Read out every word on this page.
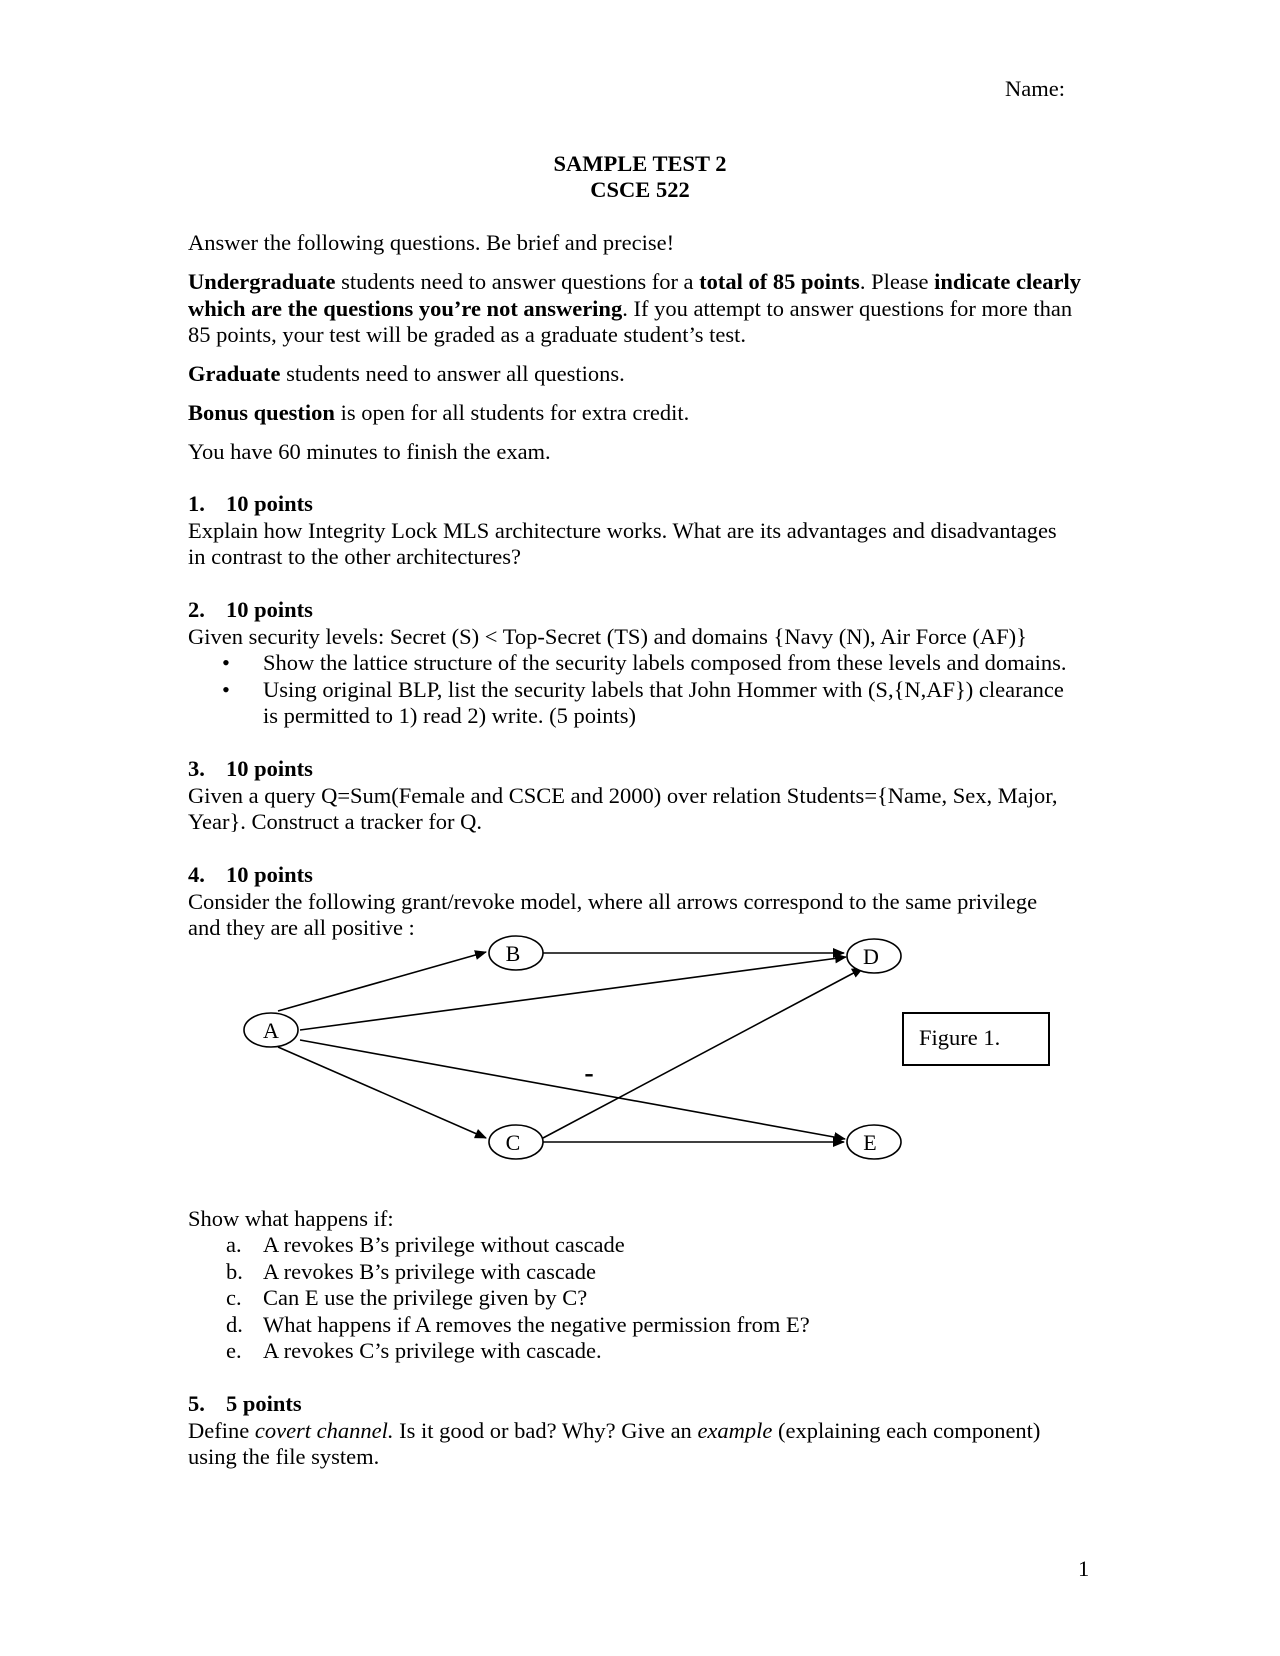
Name:
SAMPLE TEST 2
CSCE 522
Answer the following questions. Be brief and precise!
Undergraduate students need to answer questions for a total of 85 points. Please indicate clearly which are the questions you’re not answering. If you attempt to answer questions for more than 85 points, your test will be graded as a graduate student’s test.
Graduate students need to answer all questions.
Bonus question is open for all students for extra credit.
You have 60 minutes to finish the exam.
1. 10 points
Explain how Integrity Lock MLS architecture works. What are its advantages and disadvantages
in contrast to the other architectures?
2. 10 points
Given security levels: Secret (S) < Top-Secret (TS) and domains {Navy (N), Air Force (AF)}
• Show the lattice structure of the security labels composed from these levels and domains.
• Using original BLP, list the security labels that John Hommer with (S,{N,AF}) clearance
is permitted to 1) read 2) write. (5 points)
3. 10 points
Given a query Q=Sum(Female and CSCE and 2000) over relation Students={Name, Sex, Major,
Year}. Construct a tracker for Q.
4. 10 points
Consider the following grant/revoke model, where all arrows correspond to the same privilege
and they are all positive :
A
B
C
D
E
-
Figure 1.
Show what happens if:
a. A revokes B’s privilege without cascade
b. A revokes B’s privilege with cascade
c. Can E use the privilege given by C?
d. What happens if A removes the negative permission from E?
e. A revokes C’s privilege with cascade.
5. 5 points
Define covert channel. Is it good or bad? Why? Give an example (explaining each component)
using the file system.
1
